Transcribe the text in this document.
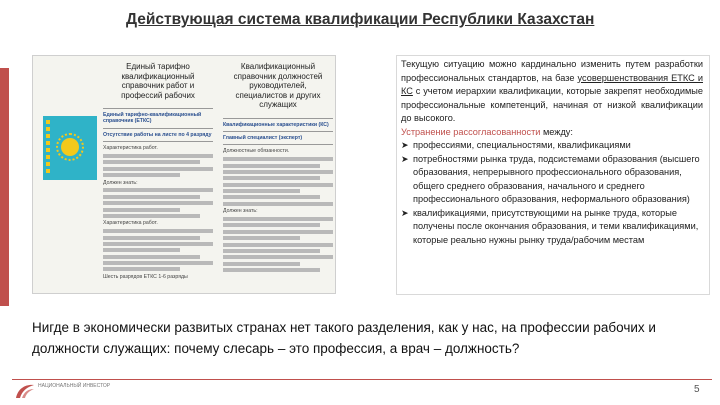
Действующая система квалификации Республики Казахстан
Единый тарифно квалификационный справочник работ и профессий рабочих
Единый тарифно-квалификационный справочник (ЕТКС)
Отсутствие работы на листе по 4 разряду
Характеристика работ.
Должен знать:
Характеристика работ.
Шесть разрядов ЕТКС 1-6 разряды
Квалификационный справочник должностей руководителей, специалистов и других служащих
Квалификационные характеристики (КС)
Главный специалист (эксперт)
Должностные обязанности.
Должен знать:

Текущую ситуацию можно кардинально изменить путем разработки профессиональных стандартов, на базе усовершенствования ЕТКС и КС с учетом иерархии квалификации, которые закрепят необходимые профессиональные компетенций, начиная от низкой квалификации до высокого.

Устранение рассогласованности между:

➤ профессиями, специальностями, квалификациями
➤ потребностями рынка труда, подсистемами образования (высшего образования, непрерывного профессионального образования, общего среднего образования, начального и среднего профессионального образования, неформального образования)
➤ квалификациями, присутствующими на рынке труда, которые получены после окончания образования, и теми квалификациями, которые реально нужны рынку труда/рабочим местам
Нигде в экономически развитых странах нет такого разделения, как у нас, на профессии рабочих и должности служащих: почему слесарь – это профессия, а врач – должность?
НАЦИОНАЛЬНЫЙ ИНВЕСТОР	5
